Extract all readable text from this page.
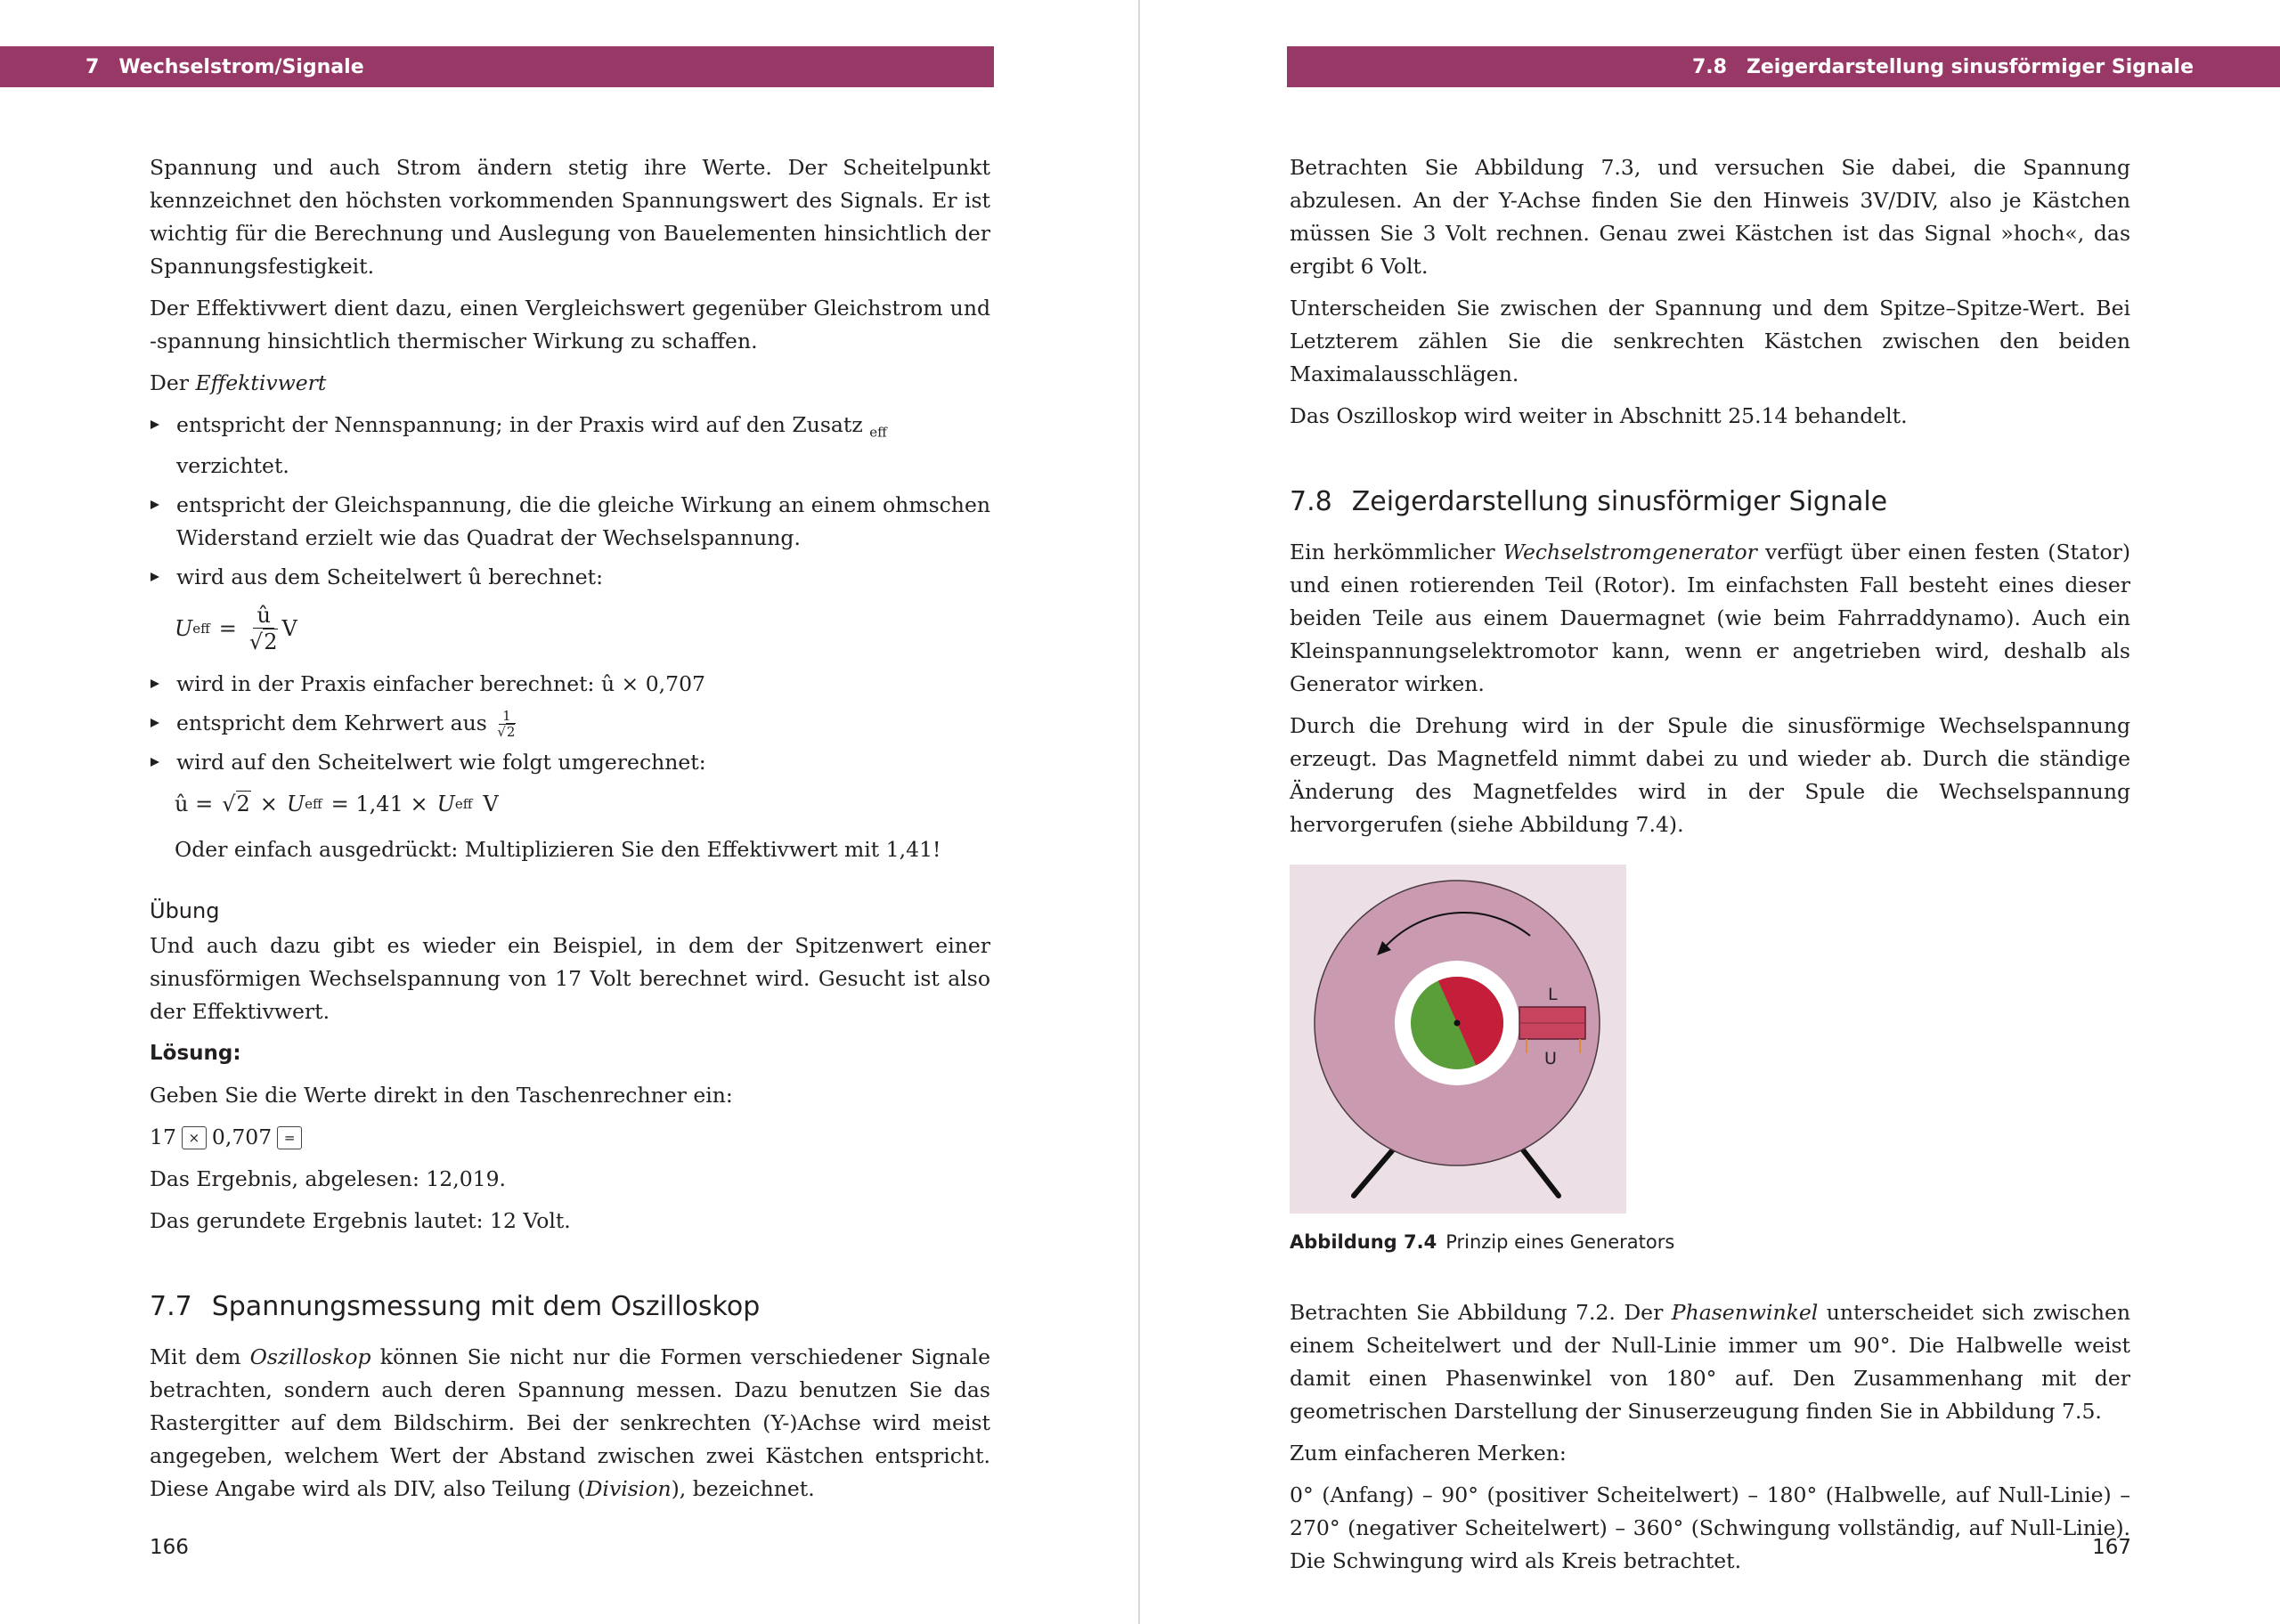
7 Wechselstrom/Signale

Spannung und auch Strom ändern stetig ihre Werte. Der Scheitelpunkt kennzeichnet den höchsten vorkommenden Spannungswert des Signals. Er ist wichtig für die Berechnung und Auslegung von Bauelementen hinsichtlich der Spannungsfestigkeit.

Der Effektivwert dient dazu, einen Vergleichswert gegenüber Gleichstrom und -spannung hinsichtlich thermischer Wirkung zu schaffen.

Der Effektivwert

entspricht der Nennspannung; in der Praxis wird auf den Zusatz $_{eff}$ verzichtet.
entspricht der Gleichspannung, die die gleiche Wirkung an einem ohmschen Widerstand erzielt wie das Quadrat der Wechselspannung.
wird aus dem Scheitelwert û berechnet:
U eff = $\frac{û}{√2}$ V
wird in der Praxis einfacher berechnet: û × 0,707
entspricht dem Kehrwert aus $\frac{1}{√2}$
wird auf den Scheitelwert wie folgt umgerechnet:
û = √2 × U eff = 1,41 × U eff V

Oder einfach ausgedrückt: Multiplizieren Sie den Effektivwert mit 1,41!

Übung

Und auch dazu gibt es wieder ein Beispiel, in dem der Spitzenwert einer sinusförmigen Wechselspannung von 17 Volt berechnet wird. Gesucht ist also der Effektivwert.

Lösung:

Geben Sie die Werte direkt in den Taschenrechner ein:

17 × 0,707 =

Das Ergebnis, abgelesen: 12,019.

Das gerundete Ergebnis lautet: 12 Volt.

7.7 Spannungsmessung mit dem Oszilloskop

Mit dem Oszilloskop können Sie nicht nur die Formen verschiedener Signale betrachten, sondern auch deren Spannung messen. Dazu benutzen Sie das Rastergitter auf dem Bildschirm. Bei der senkrechten (Y-)Achse wird meist angegeben, welchem Wert der Abstand zwischen zwei Kästchen entspricht. Diese Angabe wird als DIV, also Teilung (Division), bezeichnet.

166
7.8 Zeigerdarstellung sinusförmiger Signale

Betrachten Sie Abbildung 7.3, und versuchen Sie dabei, die Spannung abzulesen. An der Y-Achse finden Sie den Hinweis 3V/DIV, also je Kästchen müssen Sie 3 Volt rechnen. Genau zwei Kästchen ist das Signal »hoch«, das ergibt 6 Volt.

Unterscheiden Sie zwischen der Spannung und dem Spitze–Spitze-Wert. Bei Letzterem zählen Sie die senkrechten Kästchen zwischen den beiden Maximalausschlägen.

Das Oszilloskop wird weiter in Abschnitt 25.14 behandelt.

7.8 Zeigerdarstellung sinusförmiger Signale

Ein herkömmlicher Wechselstromgenerator verfügt über einen festen (Stator) und einen rotierenden Teil (Rotor). Im einfachsten Fall besteht eines dieser beiden Teile aus einem Dauermagnet (wie beim Fahrraddynamo). Auch ein Kleinspannungselektromotor kann, wenn er angetrieben wird, deshalb als Generator wirken.

Durch die Drehung wird in der Spule die sinusförmige Wechselspannung erzeugt. Das Magnetfeld nimmt dabei zu und wieder ab. Durch die ständige Änderung des Magnetfeldes wird in der Spule die Wechselspannung hervorgerufen (siehe Abbildung 7.4).

L
U

Abbildung 7.4 Prinzip eines Generators

Betrachten Sie Abbildung 7.2. Der Phasenwinkel unterscheidet sich zwischen einem Scheitelwert und der Null-Linie immer um 90°. Die Halbwelle weist damit einen Phasenwinkel von 180° auf. Den Zusammenhang mit der geometrischen Darstellung der Sinuserzeugung finden Sie in Abbildung 7.5.

Zum einfacheren Merken:

0° (Anfang) – 90° (positiver Scheitelwert) – 180° (Halbwelle, auf Null-Linie) – 270° (negativer Scheitelwert) – 360° (Schwingung vollständig, auf Null-Linie). Die Schwingung wird als Kreis betrachtet.

167
